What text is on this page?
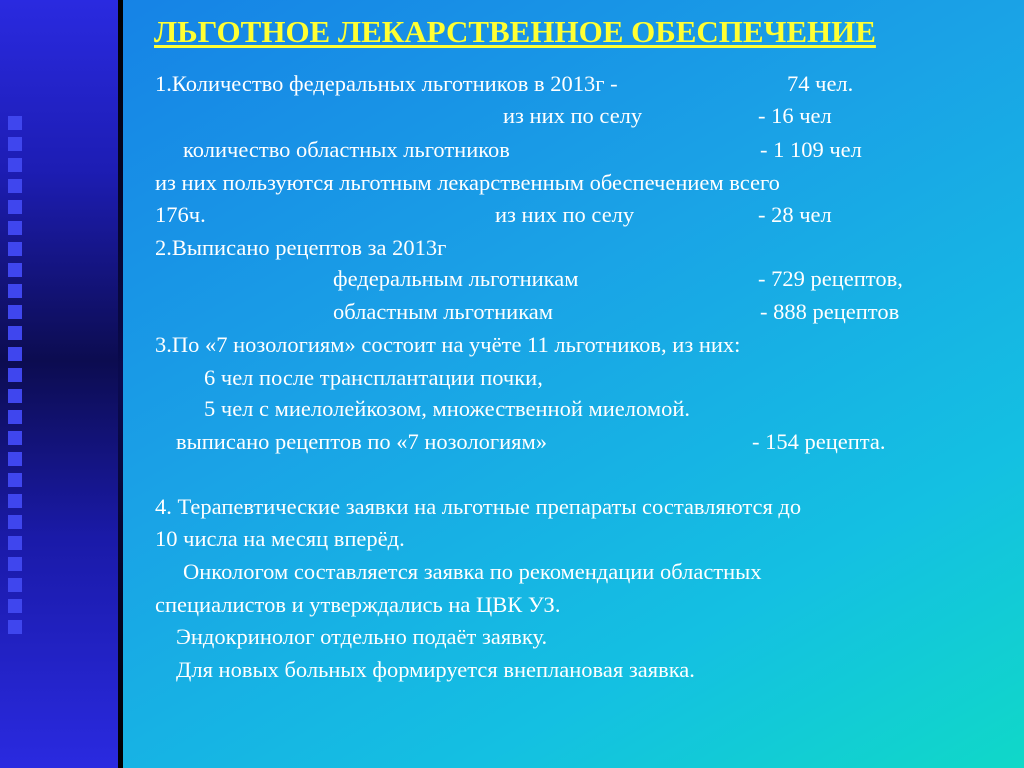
ЛЬГОТНОЕ ЛЕКАРСТВЕННОЕ ОБЕСПЕЧЕНИЕ
1.Количество федеральных льготников в 2013г -	74 чел.
из них по селу	- 16 чел
количество областных льготников	- 1 109 чел
из них пользуются льготным лекарственным обеспечением всего
176ч.	из них по селу	- 28 чел
2.Выписано рецептов за 2013г
федеральным льготникам	- 729 рецептов,
областным льготникам	- 888 рецептов
3.По «7 нозологиям» состоит на учёте 11 льготников, из них:
6 чел после трансплантации почки,
5 чел с миелолейкозом, множественной миеломой.
выписано рецептов по «7 нозологиям»	- 154 рецепта.
4. Терапевтические заявки на льготные препараты составляются до
10 числа на месяц вперёд.
Онкологом составляется заявка по рекомендации областных
специалистов и утверждались на ЦВК УЗ.
Эндокринолог отдельно подаёт заявку.
Для новых больных формируется внеплановая заявка.
